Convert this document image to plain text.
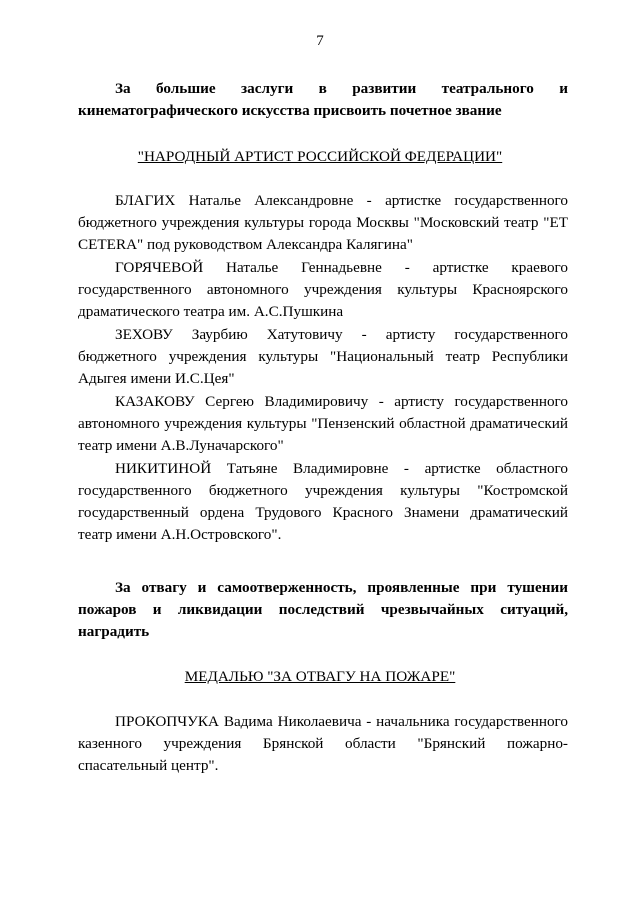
7
За большие заслуги в развитии театрального и кинематографического искусства присвоить почетное звание
"НАРОДНЫЙ АРТИСТ РОССИЙСКОЙ ФЕДЕРАЦИИ"

БЛАГИХ Наталье Александровне - артистке государственного бюджетного учреждения культуры города Москвы "Московский театр "ЕТ CETERA" под руководством Александра Калягина"

ГОРЯЧЕВОЙ Наталье Геннадьевне - артистке краевого государственного автономного учреждения культуры Красноярского драматического театра им. А.С.Пушкина

ЗЕХОВУ Заурбию Хатутовичу - артисту государственного бюджетного учреждения культуры "Национальный театр Республики Адыгея имени И.С.Цея"

КАЗАКОВУ Сергею Владимировичу - артисту государственного автономного учреждения культуры "Пензенский областной драматический театр имени А.В.Луначарского"

НИКИТИНОЙ Татьяне Владимировне - артистке областного государственного бюджетного учреждения культуры "Костромской государственный ордена Трудового Красного Знамени драматический театр имени А.Н.Островского".

За отвагу и самоотверженность, проявленные при тушении пожаров и ликвидации последствий чрезвычайных ситуаций, наградить
МЕДАЛЬЮ "ЗА ОТВАГУ НА ПОЖАРЕ"

ПРОКОПЧУКА Вадима Николаевича - начальника государственного казенного учреждения Брянской области "Брянский пожарно-спасательный центр".
